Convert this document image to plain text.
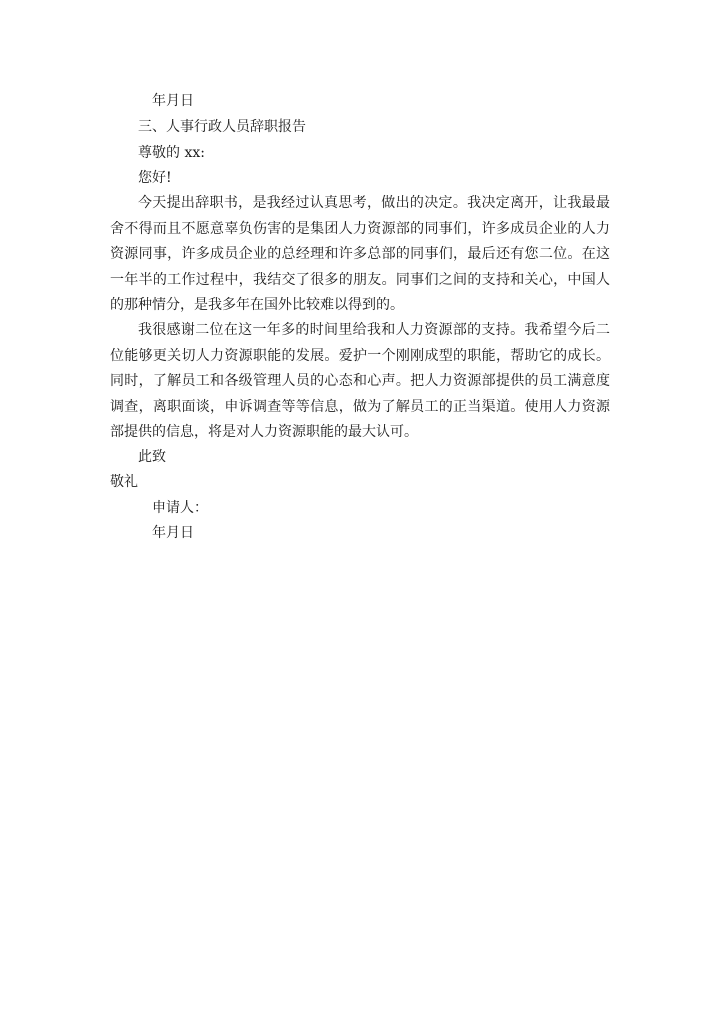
年月日
三、人事行政人员辞职报告
尊敬的 xx:
您好!
今天提出辞职书，是我经过认真思考，做出的决定。我决定离开，让我最最舍不得而且不愿意辜负伤害的是集团人力资源部的同事们，许多成员企业的人力资源同事，许多成员企业的总经理和许多总部的同事们，最后还有您二位。在这一年半的工作过程中，我结交了很多的朋友。同事们之间的支持和关心，中国人的那种情分，是我多年在国外比较难以得到的。
我很感谢二位在这一年多的时间里给我和人力资源部的支持。我希望今后二位能够更关切人力资源职能的发展。爱护一个刚刚成型的职能，帮助它的成长。同时，了解员工和各级管理人员的心态和心声。把人力资源部提供的员工满意度调查，离职面谈，申诉调查等等信息，做为了解员工的正当渠道。使用人力资源部提供的信息，将是对人力资源职能的最大认可。
此致
敬礼
申请人：
年月日
